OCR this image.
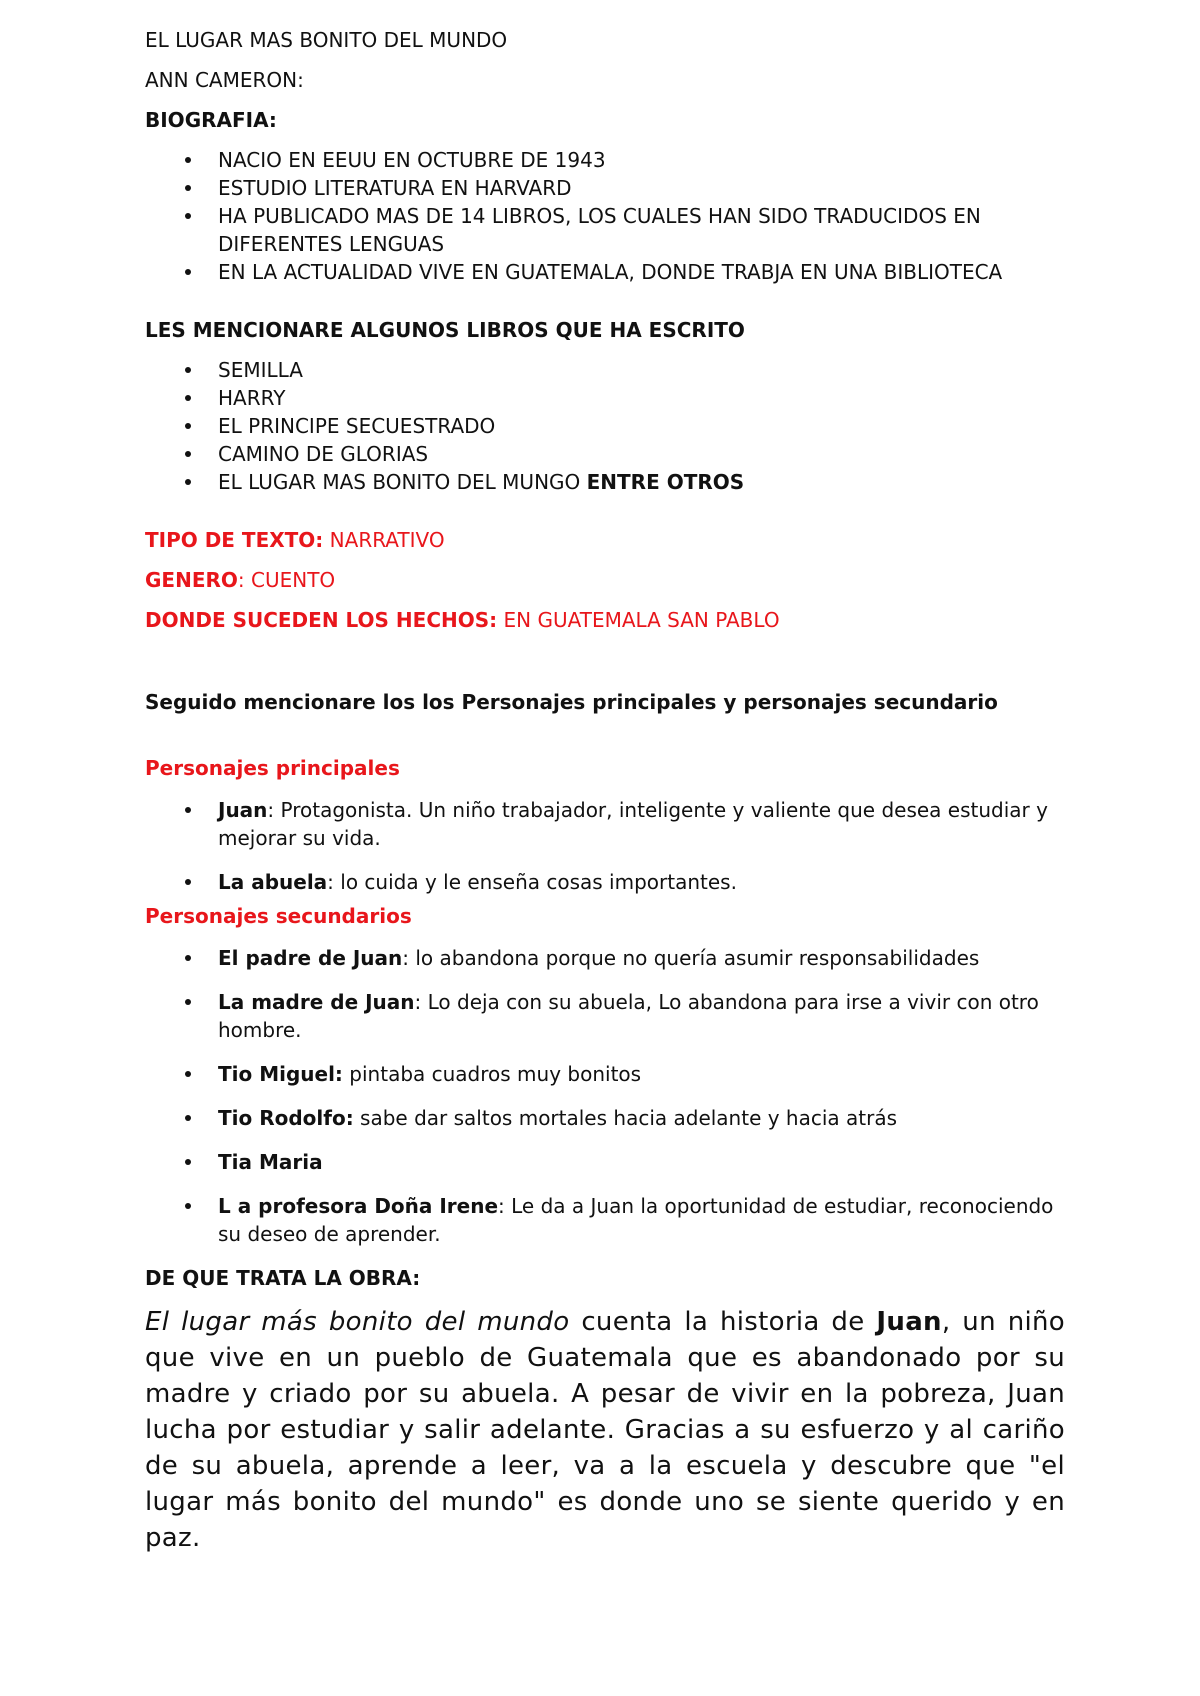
EL LUGAR MAS BONITO DEL MUNDO

ANN CAMERON:

BIOGRAFIA:

NACIO EN EEUU EN OCTUBRE DE 1943
ESTUDIO LITERATURA EN HARVARD
HA PUBLICADO MAS DE 14 LIBROS, LOS CUALES HAN SIDO TRADUCIDOS EN DIFERENTES LENGUAS
EN LA ACTUALIDAD VIVE EN GUATEMALA, DONDE TRABJA EN UNA BIBLIOTECA

LES MENCIONARE ALGUNOS LIBROS QUE HA ESCRITO

SEMILLA
HARRY
EL PRINCIPE SECUESTRADO
CAMINO DE GLORIAS
EL LUGAR MAS BONITO DEL MUNGO ENTRE OTROS

TIPO DE TEXTO: NARRATIVO

GENERO: CUENTO

DONDE SUCEDEN LOS HECHOS: EN GUATEMALA SAN PABLO

Seguido mencionare los los Personajes principales y personajes secundario

Personajes principales

Juan: Protagonista. Un niño trabajador, inteligente y valiente que desea estudiar y mejorar su vida.
La abuela: lo cuida y le enseña cosas importantes.

Personajes secundarios

El padre de Juan: lo abandona porque no quería asumir responsabilidades
La madre de Juan: Lo deja con su abuela, Lo abandona para irse a vivir con otro hombre.
Tio Miguel: pintaba cuadros muy bonitos
Tio Rodolfo: sabe dar saltos mortales hacia adelante y hacia atrás
Tia Maria
L a profesora Doña Irene: Le da a Juan la oportunidad de estudiar, reconociendo su deseo de aprender.

DE QUE TRATA LA OBRA:

El lugar más bonito del mundo cuenta la historia de Juan, un niño que vive en un pueblo de Guatemala que es abandonado por su madre y criado por su abuela. A pesar de vivir en la pobreza, Juan lucha por estudiar y salir adelante. Gracias a su esfuerzo y al cariño de su abuela, aprende a leer, va a la escuela y descubre que "el lugar más bonito del mundo" es donde uno se siente querido y en paz.
